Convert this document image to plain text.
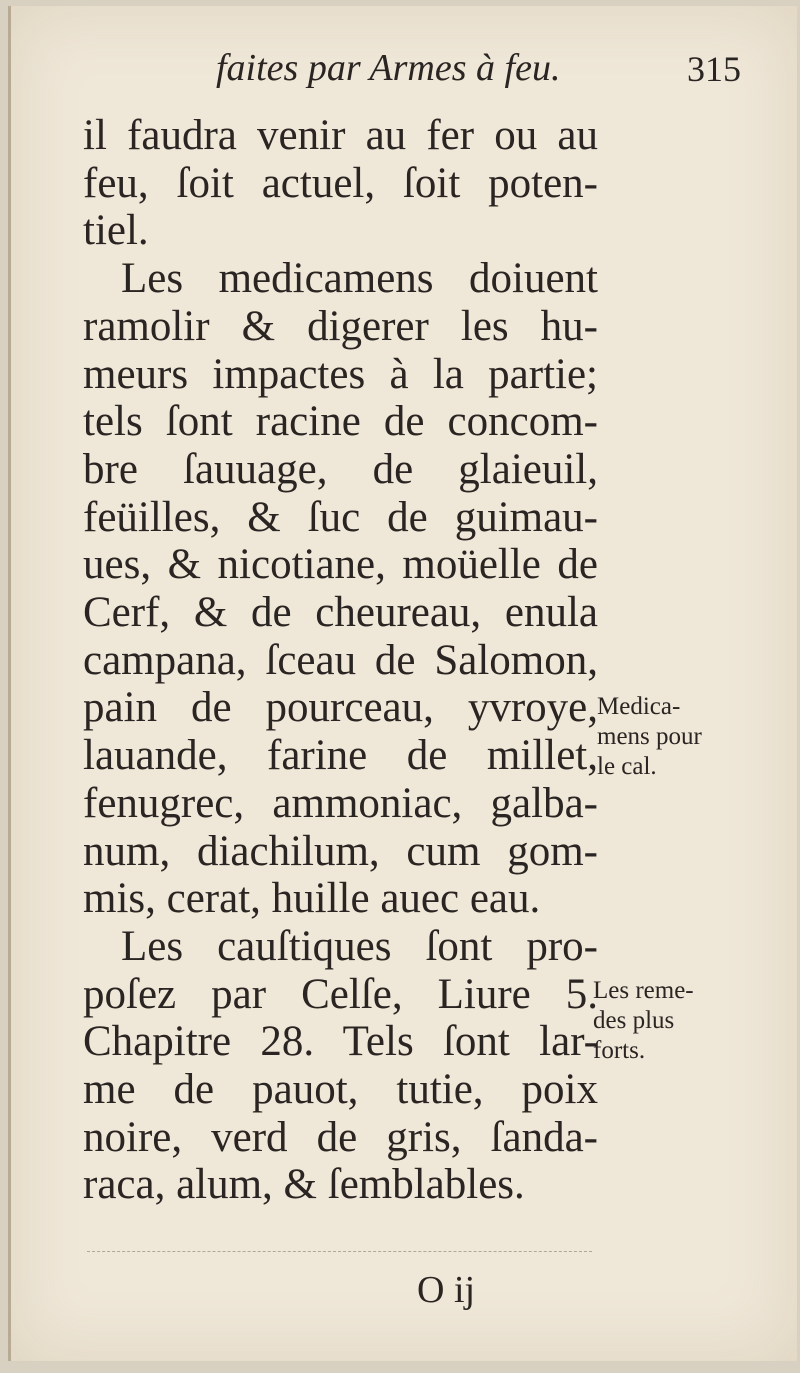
faites par Armes à feu.	315
il faudra venir au fer ou au
feu, ſoit actuel, ſoit poten-
tiel.
Les medicamens doiuent
ramolir & digerer les hu-
meurs impactes à la partie;
tels ſont racine de concom-
bre ſauuage, de glaieuil,
feüilles, & ſuc de guimau-
ues, & nicotiane, moüelle de
Cerf, & de cheureau, enula
campana, ſceau de Salomon,
pain de pourceau, yvroye,
lauande, farine de millet,
fenugrec, ammoniac, galba-
num, diachilum, cum gom-
mis, cerat, huille auec eau.
Les cauſtiques ſont pro-
poſez par Celſe, Liure 5.
Chapitre 28. Tels ſont lar-
me de pauot, tutie, poix
noire, verd de gris, ſanda-
raca, alum, & ſemblables.
Medica-
mens pour
le cal.
Les reme-
des plus
forts.
O ij
